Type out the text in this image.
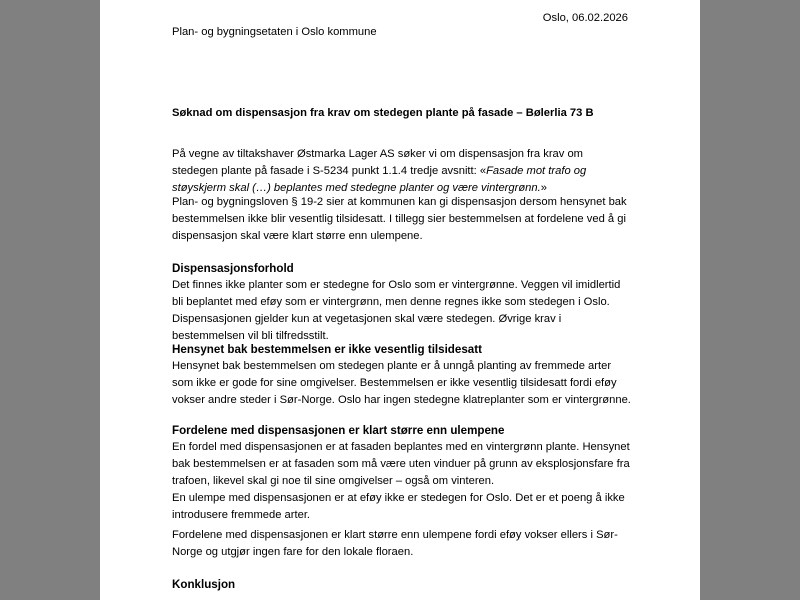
Oslo, 06.02.2026

Plan- og bygningsetaten i Oslo kommune

Søknad om dispensasjon fra krav om stedegen plante på fasade – Bølerlia 73 B

På vegne av tiltakshaver Østmarka Lager AS søker vi om dispensasjon fra krav om stedegen plante på fasade i S-5234 punkt 1.1.4 tredje avsnitt: «Fasade mot trafo og støyskjerm skal (…) beplantes med stedegne planter og være vintergrønn.»

Plan- og bygningsloven § 19-2 sier at kommunen kan gi dispensasjon dersom hensynet bak bestemmelsen ikke blir vesentlig tilsidesatt. I tillegg sier bestemmelsen at fordelene ved å gi dispensasjon skal være klart større enn ulempene.

Dispensasjonsforhold

Det finnes ikke planter som er stedegne for Oslo som er vintergrønne. Veggen vil imidlertid bli beplantet med eføy som er vintergrønn, men denne regnes ikke som stedegen i Oslo. Dispensasjonen gjelder kun at vegetasjonen skal være stedegen. Øvrige krav i bestemmelsen vil bli tilfredsstilt.

Hensynet bak bestemmelsen er ikke vesentlig tilsidesatt

Hensynet bak bestemmelsen om stedegen plante er å unngå planting av fremmede arter som ikke er gode for sine omgivelser. Bestemmelsen er ikke vesentlig tilsidesatt fordi eføy vokser andre steder i Sør-Norge. Oslo har ingen stedegne klatreplanter som er vintergrønne.

Fordelene med dispensasjonen er klart større enn ulempene

En fordel med dispensasjonen er at fasaden beplantes med en vintergrønn plante. Hensynet bak bestemmelsen er at fasaden som må være uten vinduer på grunn av eksplosjonsfare fra trafoen, likevel skal gi noe til sine omgivelser – også om vinteren.

En ulempe med dispensasjonen er at eføy ikke er stedegen for Oslo. Det er et poeng å ikke introdusere fremmede arter.

Fordelene med dispensasjonen er klart større enn ulempene fordi eføy vokser ellers i Sør-Norge og utgjør ingen fare for den lokale floraen.

Konklusjon
